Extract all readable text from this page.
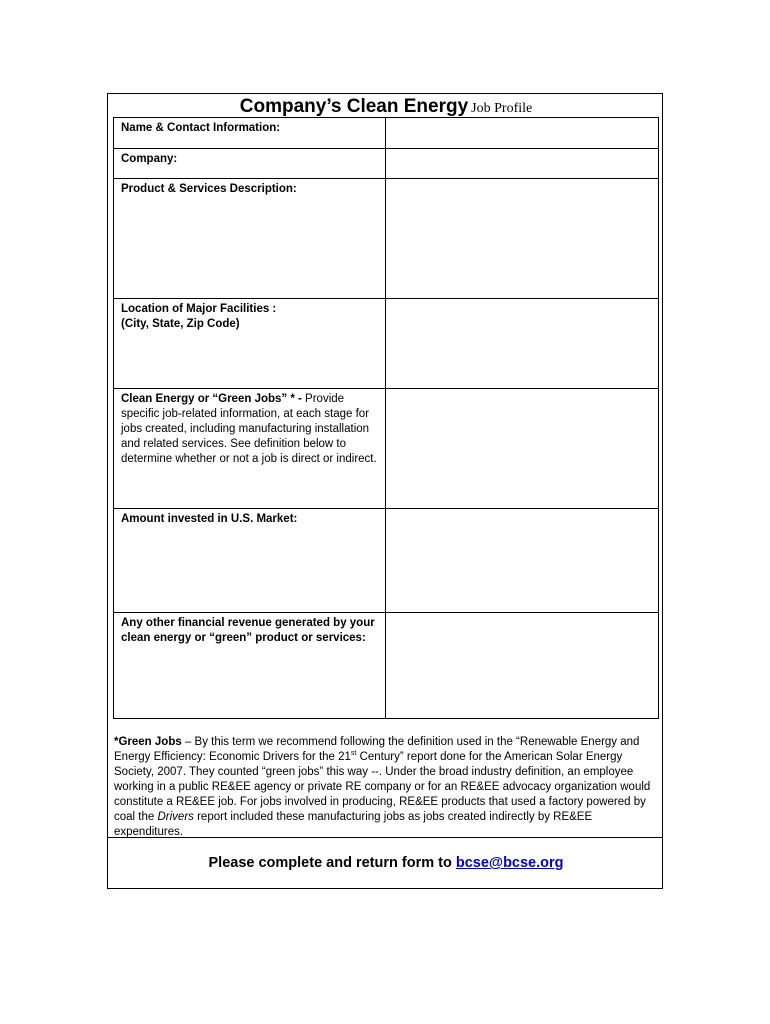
Company’s Clean Energy Job Profile
Name & Contact Information:	
Company:	
Product & Services Description:	

Location of Major Facilities :
(City, State, Zip Code)	

Clean Energy or “Green Jobs” * - Provide specific job-related information, at each stage for jobs created, including manufacturing installation and related services. See definition below to determine whether or not a job is direct or indirect.	
Amount invested in U.S. Market:	
Any other financial revenue generated by your clean energy or “green” product or services:	
*Green Jobs – By this term we recommend following the definition used in the “Renewable Energy and Energy Efficiency: Economic Drivers for the 21st Century” report done for the American Solar Energy Society, 2007. They counted “green jobs” this way --. Under the broad industry definition, an employee working in a public RE&EE agency or private RE company or for an RE&EE advocacy organization would constitute a RE&EE job. For jobs involved in producing, RE&EE products that used a factory powered by coal the Drivers report included these manufacturing jobs as jobs created indirectly by RE&EE expenditures.
Please complete and return form to bcse@bcse.org
